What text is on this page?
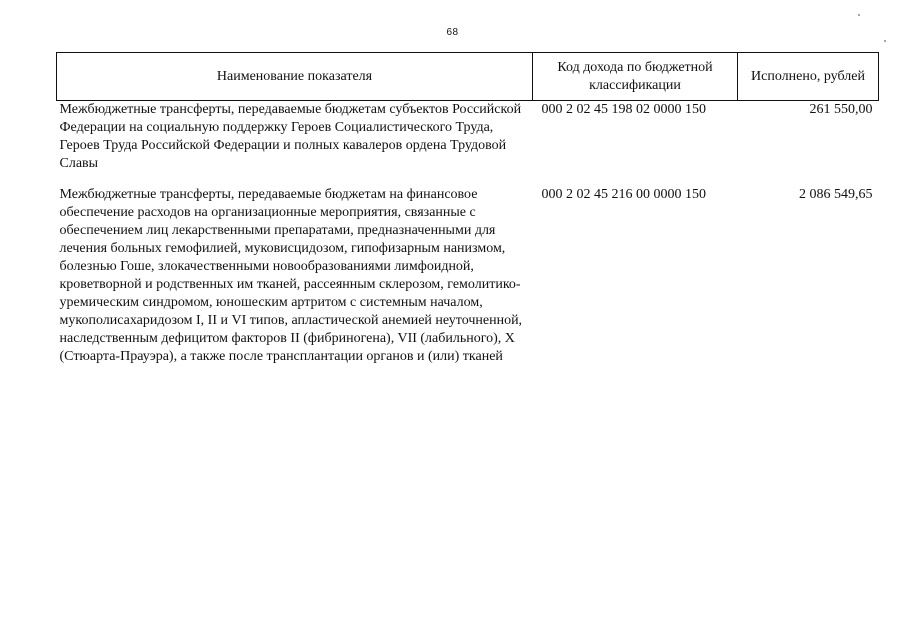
68
Наименование показателя	Код дохода по бюджетной классификации	Исполнено, рублей
Межбюджетные трансферты, передаваемые бюджетам субъектов Российской Федерации на социальную поддержку Героев Социалистического Труда, Героев Труда Российской Федерации и полных кавалеров ордена Трудовой Славы	000 2 02 45 198 02 0000 150	261 550,00
Межбюджетные трансферты, передаваемые бюджетам на финансовое обеспечение расходов на организационные мероприятия, связанные с обеспечением лиц лекарственными препаратами, предназначенными для лечения больных гемофилией, муковисцидозом, гипофизарным нанизмом, болезнью Гоше, злокачественными новообразованиями лимфоидной, кроветворной и родственных им тканей, рассеянным склерозом, гемолитико-уремическим синдромом, юношеским артритом с системным началом, мукополисахаридозом I, II и VI типов, апластической анемией неуточненной, наследственным дефицитом факторов II (фибриногена), VII (лабильного), X (Стюарта-Прауэра), а также после трансплантации органов и (или) тканей	000 2 02 45 216 00 0000 150	2 086 549,65
